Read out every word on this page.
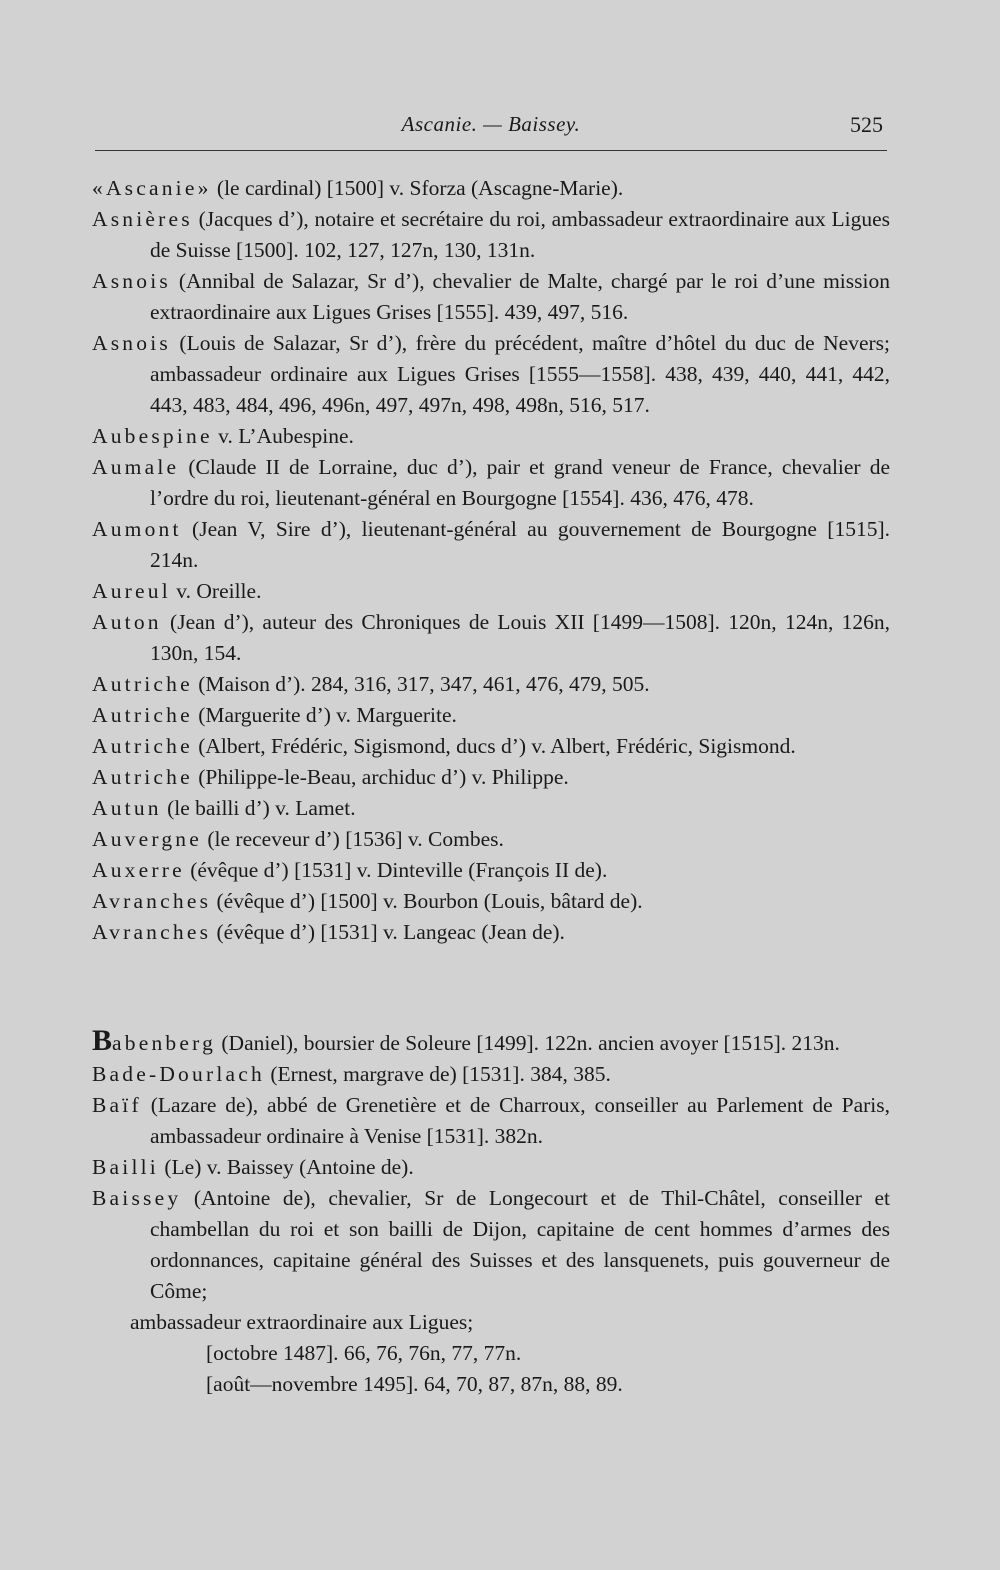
Ascanie. — Baissey.	525
«Ascanie» (le cardinal) [1500] v. Sforza (Ascagne-Marie).
Asnières (Jacques d’), notaire et secrétaire du roi, ambassadeur extraordinaire aux Ligues de Suisse [1500]. 102, 127, 127n, 130, 131n.
Asnois (Annibal de Salazar, Sr d’), chevalier de Malte, chargé par le roi d’une mission extraordinaire aux Ligues Grises [1555]. 439, 497, 516.
Asnois (Louis de Salazar, Sr d’), frère du précédent, maître d’hôtel du duc de Nevers; ambassadeur ordinaire aux Ligues Grises [1555—1558]. 438, 439, 440, 441, 442, 443, 483, 484, 496, 496n, 497, 497n, 498, 498n, 516, 517.
Aubespine v. L’Aubespine.
Aumale (Claude II de Lorraine, duc d’), pair et grand veneur de France, chevalier de l’ordre du roi, lieutenant-général en Bourgogne [1554]. 436, 476, 478.
Aumont (Jean V, Sire d’), lieutenant-général au gouvernement de Bourgogne [1515]. 214n.
Aureul v. Oreille.
Auton (Jean d’), auteur des Chroniques de Louis XII [1499—1508]. 120n, 124n, 126n, 130n, 154.
Autriche (Maison d’). 284, 316, 317, 347, 461, 476, 479, 505.
Autriche (Marguerite d’) v. Marguerite.
Autriche (Albert, Frédéric, Sigismond, ducs d’) v. Albert, Frédéric, Sigismond.
Autriche (Philippe-le-Beau, archiduc d’) v. Philippe.
Autun (le bailli d’) v. Lamet.
Auvergne (le receveur d’) [1536] v. Combes.
Auxerre (évêque d’) [1531] v. Dinteville (François II de).
Avranches (évêque d’) [1500] v. Bourbon (Louis, bâtard de).
Avranches (évêque d’) [1531] v. Langeac (Jean de).
Babenberg (Daniel), boursier de Soleure [1499]. 122n. ancien avoyer [1515]. 213n.
Bade-Dourlach (Ernest, margrave de) [1531]. 384, 385.
Baïf (Lazare de), abbé de Grenetière et de Charroux, conseiller au Parlement de Paris, ambassadeur ordinaire à Venise [1531]. 382n.
Bailli (Le) v. Baissey (Antoine de).
Baissey (Antoine de), chevalier, Sr de Longecourt et de Thil-Châtel, conseiller et chambellan du roi et son bailli de Dijon, capitaine de cent hommes d’armes des ordonnances, capitaine général des Suisses et des lansquenets, puis gouverneur de Côme;
ambassadeur extraordinaire aux Ligues;
[octobre 1487]. 66, 76, 76n, 77, 77n.
[août—novembre 1495]. 64, 70, 87, 87n, 88, 89.
